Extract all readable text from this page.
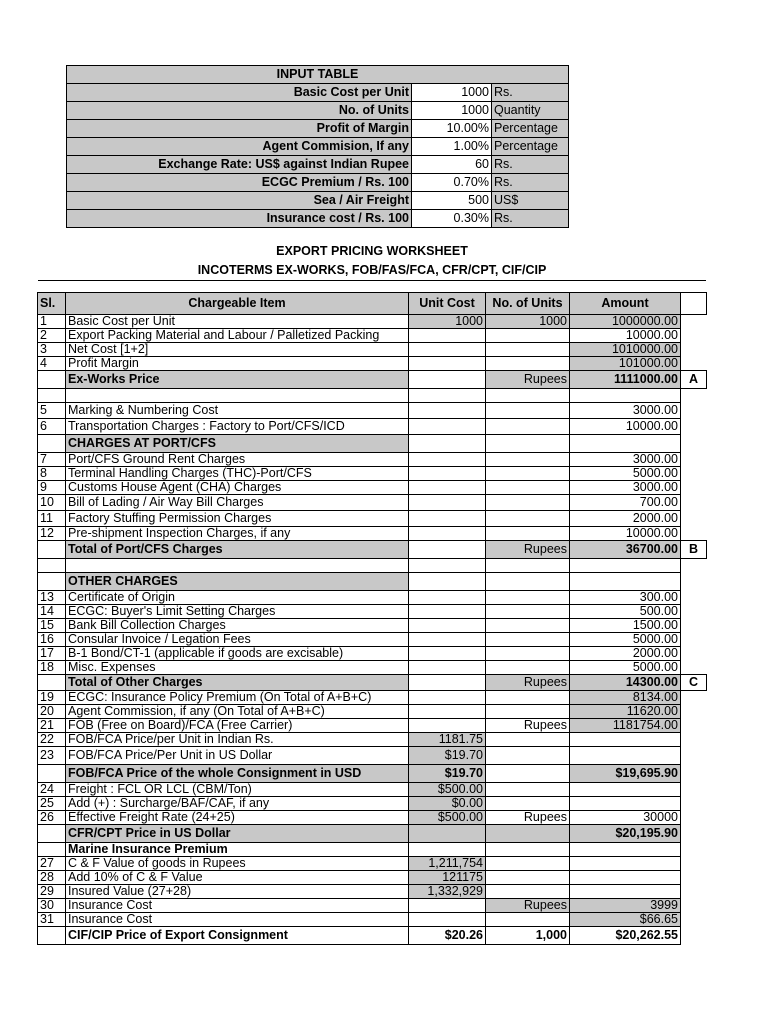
INPUT TABLE		
Basic Cost per Unit	1000	Rs.
No. of Units	1000	Quantity
Profit of Margin	10.00%	Percentage
Agent Commision, If any	1.00%	Percentage
Exchange Rate: US$ against Indian Rupee	60	Rs.
ECGC Premium / Rs. 100	0.70%	Rs.
Sea / Air Freight	500	US$
Insurance cost / Rs. 100	0.30%	Rs.
EXPORT PRICING WORKSHEET
INCOTERMS EX-WORKS, FOB/FAS/FCA, CFR/CPT, CIF/CIP
Sl.	Chargeable Item	Unit Cost	No. of Units	Amount	
1	Basic Cost per Unit	1000	1000	1000000.00	
2	Export Packing Material and Labour / Palletized Packing			10000.00	
3	Net Cost [1+2]			1010000.00	
4	Profit Margin			101000.00	
	Ex-Works Price		Rupees	1111000.00	A

5	Marking & Numbering Cost			3000.00	
6	Transportation Charges : Factory to Port/CFS/ICD			10000.00	
	CHARGES AT PORT/CFS				
7	Port/CFS Ground Rent Charges			3000.00	
8	Terminal Handling Charges (THC)-Port/CFS			5000.00	
9	Customs House Agent (CHA) Charges			3000.00	
10	Bill of Lading / Air Way Bill Charges			700.00	
11	Factory Stuffing Permission Charges			2000.00	
12	Pre-shipment Inspection Charges, if any			10000.00	
	Total of Port/CFS Charges		Rupees	36700.00	B

	OTHER CHARGES				
13	Certificate of Origin			300.00	
14	ECGC: Buyer's Limit Setting Charges			500.00	
15	Bank Bill Collection Charges			1500.00	
16	Consular Invoice / Legation Fees			5000.00	
17	B-1 Bond/CT-1 (applicable if goods are excisable)			2000.00	
18	Misc. Expenses			5000.00	
	Total of Other Charges		Rupees	14300.00	C
19	ECGC: Insurance Policy Premium (On Total of A+B+C)			8134.00	
20	Agent Commission, if any (On Total of A+B+C)			11620.00	
21	FOB (Free on Board)/FCA (Free Carrier)		Rupees	1181754.00	
22	FOB/FCA Price/per Unit in Indian Rs.	1181.75			
23	FOB/FCA Price/Per Unit in US Dollar	$19.70			
	FOB/FCA Price of the whole Consignment in USD	$19.70		$19,695.90	
24	Freight : FCL OR LCL (CBM/Ton)	$500.00			
25	Add (+) : Surcharge/BAF/CAF, if any	$0.00			
26	Effective Freight Rate (24+25)	$500.00	Rupees	30000	
	CFR/CPT Price in US Dollar			$20,195.90	
	Marine Insurance Premium				
27	C & F Value of goods in Rupees	1,211,754			
28	Add 10% of C & F Value	121175			
29	Insured Value (27+28)	1,332,929			
30	Insurance Cost		Rupees	3999	
31	Insurance Cost			$66.65	
	CIF/CIP Price of Export Consignment	$20.26	1,000	$20,262.55	
